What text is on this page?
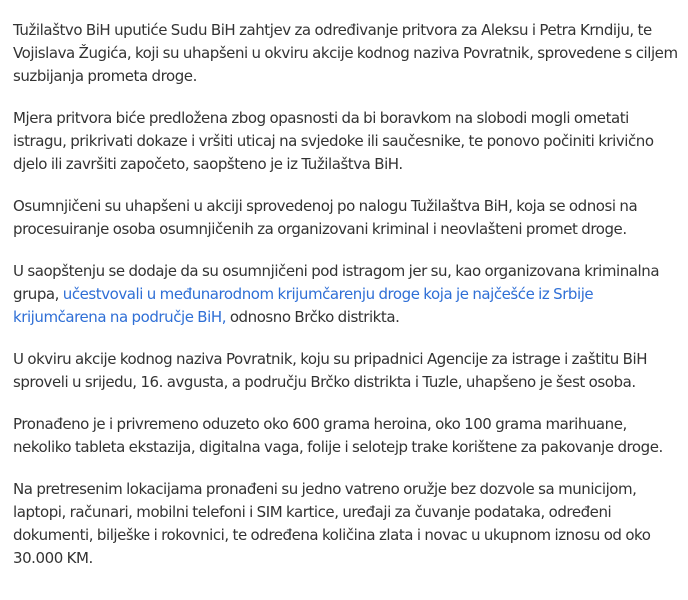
Tužilaštvo BiH uputiće Sudu BiH zahtjev za određivanje pritvora za Aleksu i Petra Krndiju, te Vojislava Žugića, koji su uhapšeni u okviru akcije kodnog naziva Povratnik, sprovedene s ciljem suzbijanja prometa droge.

Mjera pritvora biće predložena zbog opasnosti da bi boravkom na slobodi mogli ometati istragu, prikrivati dokaze i vršiti uticaj na svjedoke ili saučesnike, te ponovo počiniti krivično djelo ili završiti započeto, saopšteno je iz Tužilaštva BiH.

Osumnjičeni su uhapšeni u akciji sprovedenoj po nalogu Tužilaštva BiH, koja se odnosi na procesuiranje osoba osumnjičenih za organizovani kriminal i neovlašteni promet droge.

U saopštenju se dodaje da su osumnjičeni pod istragom jer su, kao organizovana kriminalna grupa, učestvovali u međunarodnom krijumčarenju droge koja je najčešće iz Srbije krijumčarena na područje BiH, odnosno Brčko distrikta.

U okviru akcije kodnog naziva Povratnik, koju su pripadnici Agencije za istrage i zaštitu BiH sproveli u srijedu, 16. avgusta, a području Brčko distrikta i Tuzle, uhapšeno je šest osoba.

Pronađeno je i privremeno oduzeto oko 600 grama heroina, oko 100 grama marihuane, nekoliko tableta ekstazija, digitalna vaga, folije i selotejp trake korištene za pakovanje droge.

Na pretresenim lokacijama pronađeni su jedno vatreno oružje bez dozvole sa municijom, laptopi, računari, mobilni telefoni i SIM kartice, uređaji za čuvanje podataka, određeni dokumenti, bilješke i rokovnici, te određena količina zlata i novac u ukupnom iznosu od oko 30.000 KM.
